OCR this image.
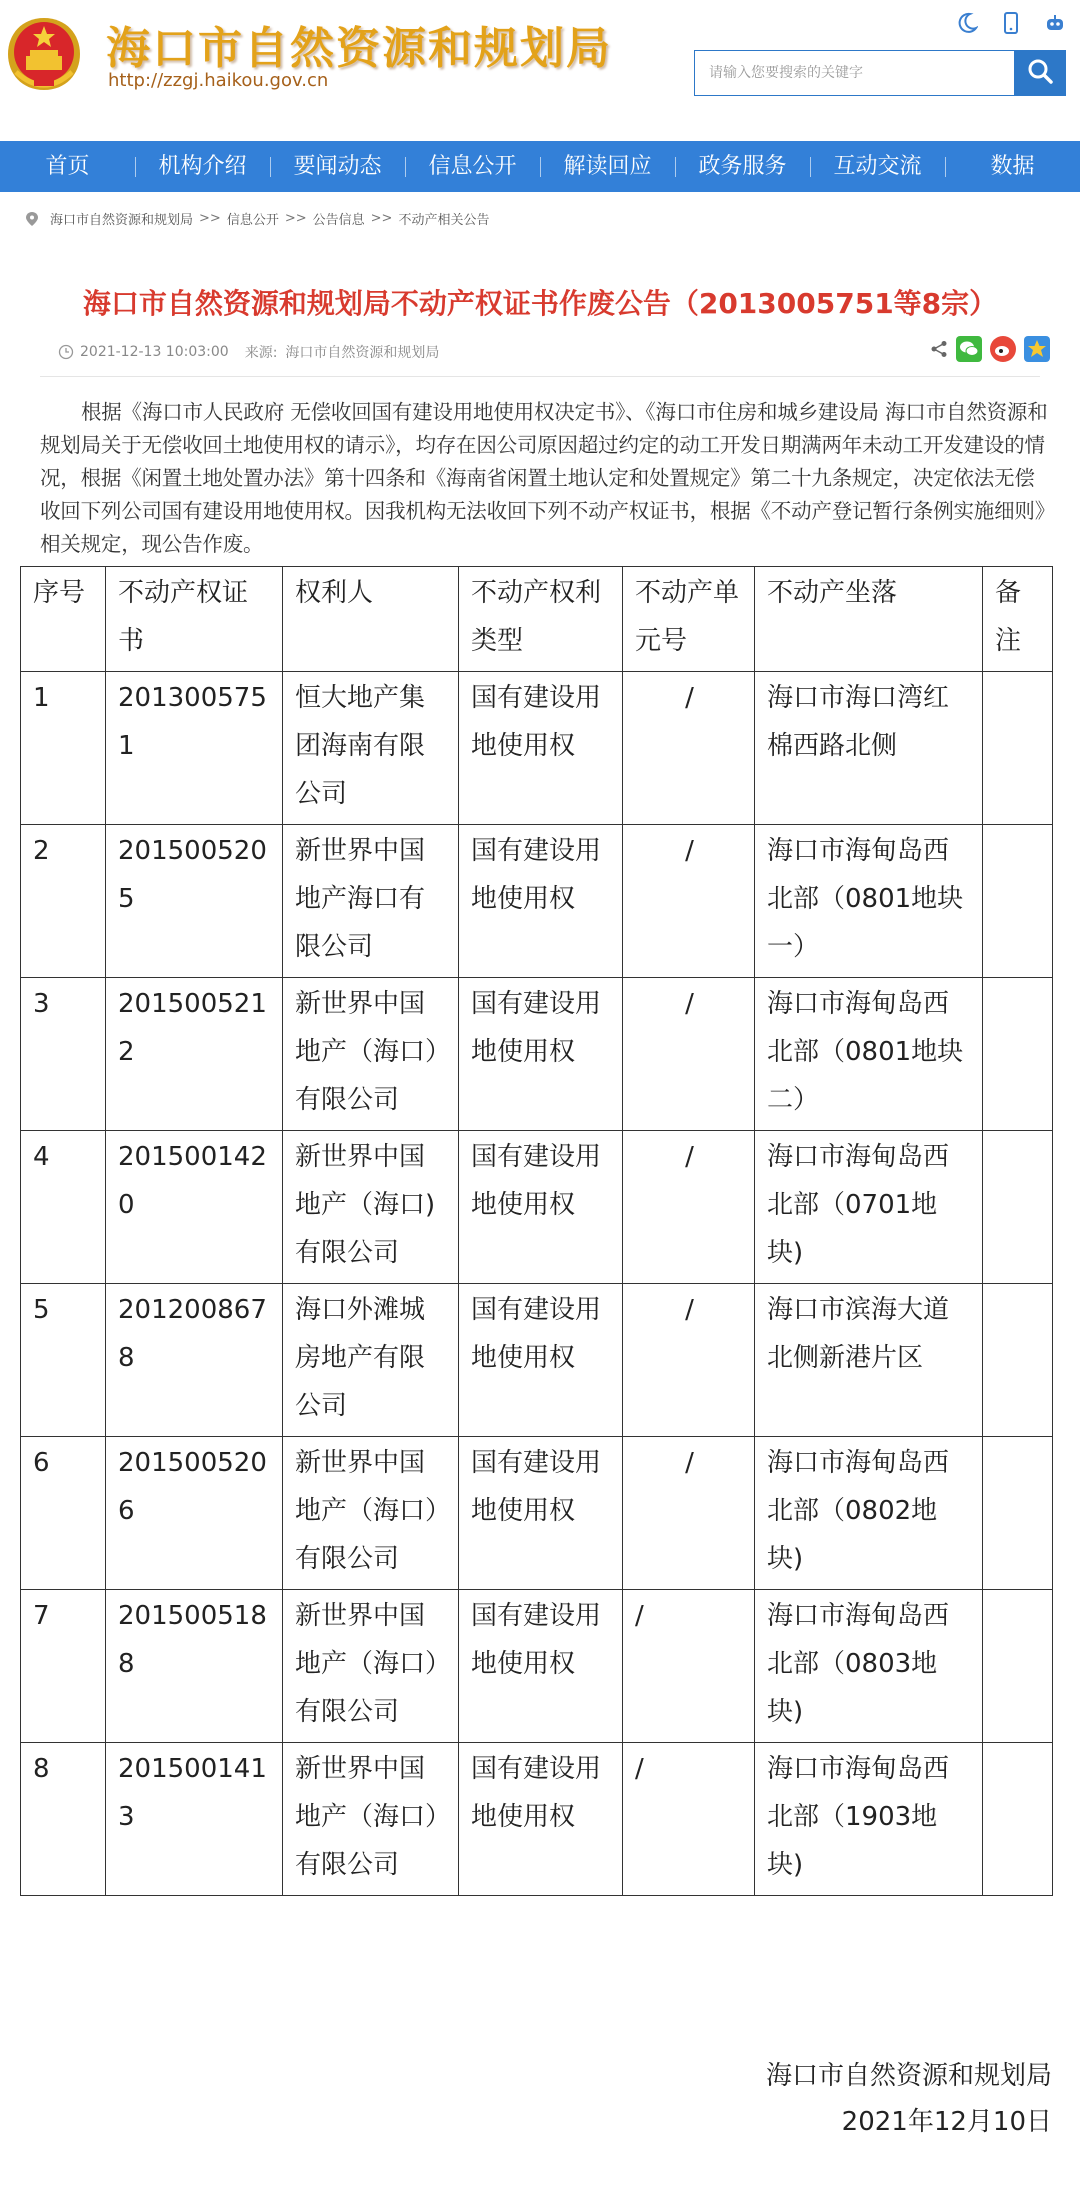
海口市自然资源和规划局
http://zzgj.haikou.gov.cn	请输入您要搜索的关键字
首页	机构介绍	要闻动态	信息公开	解读回应	政务服务	互动交流	数据
海口市自然资源和规划局 >> 信息公开 >> 公告信息 >> 不动产相关公告
海口市自然资源和规划局不动产权证书作废公告（2013005751等8宗）
2021-12-13 10:03:00 来源: 海口市自然资源和规划局
根据《海口市人民政府 无偿收回国有建设用地使用权决定书》、《海口市住房和城乡建设局 海口市自然资源和规划局关于无偿收回土地使用权的请示》，均存在因公司原因超过约定的动工开发日期满两年未动工开发建设的情况，根据《闲置土地处置办法》第十四条和《海南省闲置土地认定和处置规定》第二十九条规定，决定依法无偿收回下列公司国有建设用地使用权。因我机构无法收回下列不动产权证书，根据《不动产登记暂行条例实施细则》相关规定，现公告作废。
序号	不动产权证书	权利人	不动产权利类型	不动产单元号	不动产坐落	备注
1	2013005751	恒大地产集团海南有限公司	国有建设用地使用权	/	海口市海口湾红棉西路北侧	
2	2015005205	新世界中国地产海口有限公司	国有建设用地使用权	/	海口市海甸岛西北部（0801地块一）	
3	2015005212	新世界中国地产（海口）有限公司	国有建设用地使用权	/	海口市海甸岛西北部（0801地块二）	
4	2015001420	新世界中国地产（海口)有限公司	国有建设用地使用权	/	海口市海甸岛西北部（0701地块)	
5	2012008678	海口外滩城房地产有限公司	国有建设用地使用权	/	海口市滨海大道北侧新港片区	
6	2015005206	新世界中国地产（海口）有限公司	国有建设用地使用权	/	海口市海甸岛西北部（0802地块)	
7	2015005188	新世界中国地产（海口）有限公司	国有建设用地使用权	/	海口市海甸岛西北部（0803地块)	
8	2015001413	新世界中国地产（海口）有限公司	国有建设用地使用权	/	海口市海甸岛西北部（1903地块)	
海口市自然资源和规划局
2021年12月10日
